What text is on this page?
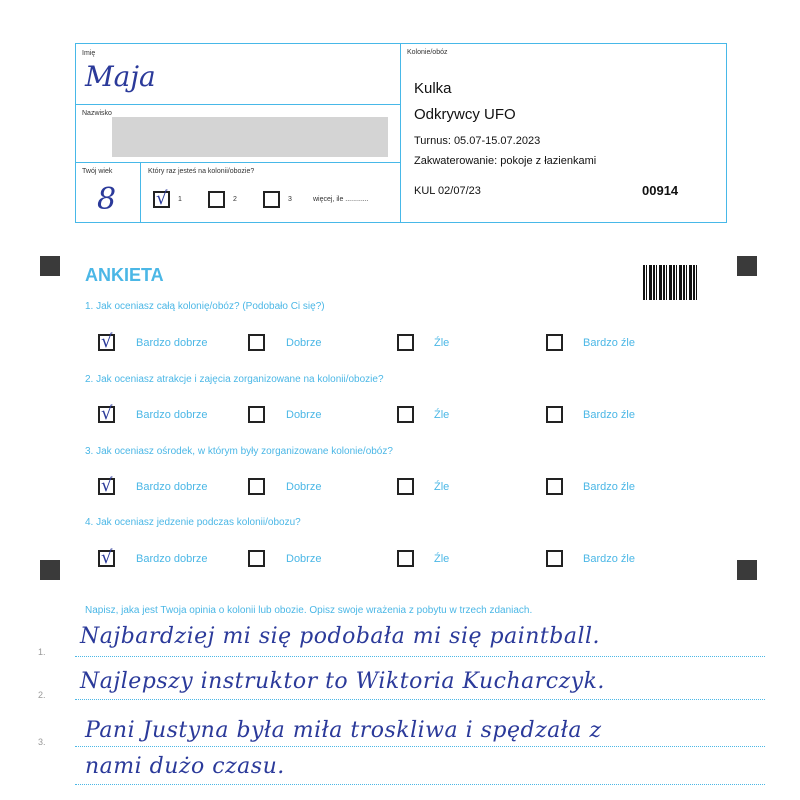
Imię
Maja
Nazwisko
Twój wiek
8
Który raz jesteś na kolonii/obozie?
√ 1	2	3	więcej, ile ............
Kolonie/obóz
Kulka
Odkrywcy UFO
Turnus: 05.07-15.07.2023
Zakwaterowanie: pokoje z łazienkami
KUL 02/07/23	00914
ANKIETA
1. Jak oceniasz całą kolonię/obóz? (Podobało Ci się?)
√ Bardzo dobrze	Dobrze	Źle	Bardzo źle
2. Jak oceniasz atrakcje i zajęcia zorganizowane na kolonii/obozie?
√ Bardzo dobrze	Dobrze	Źle	Bardzo źle
3. Jak oceniasz ośrodek, w którym były zorganizowane kolonie/obóz?
√ Bardzo dobrze	Dobrze	Źle	Bardzo źle
4. Jak oceniasz jedzenie podczas kolonii/obozu?
√ Bardzo dobrze	Dobrze	Źle	Bardzo źle
Napisz, jaka jest Twoja opinia o kolonii lub obozie. Opisz swoje wrażenia z pobytu w trzech zdaniach.
1.
Najbardziej mi się podobała mi się paintball.
2.
Najlepszy instruktor to Wiktoria Kucharczyk.
3. Pani Justyna była miła troskliwa i spędzała z
nami dużo czasu.
